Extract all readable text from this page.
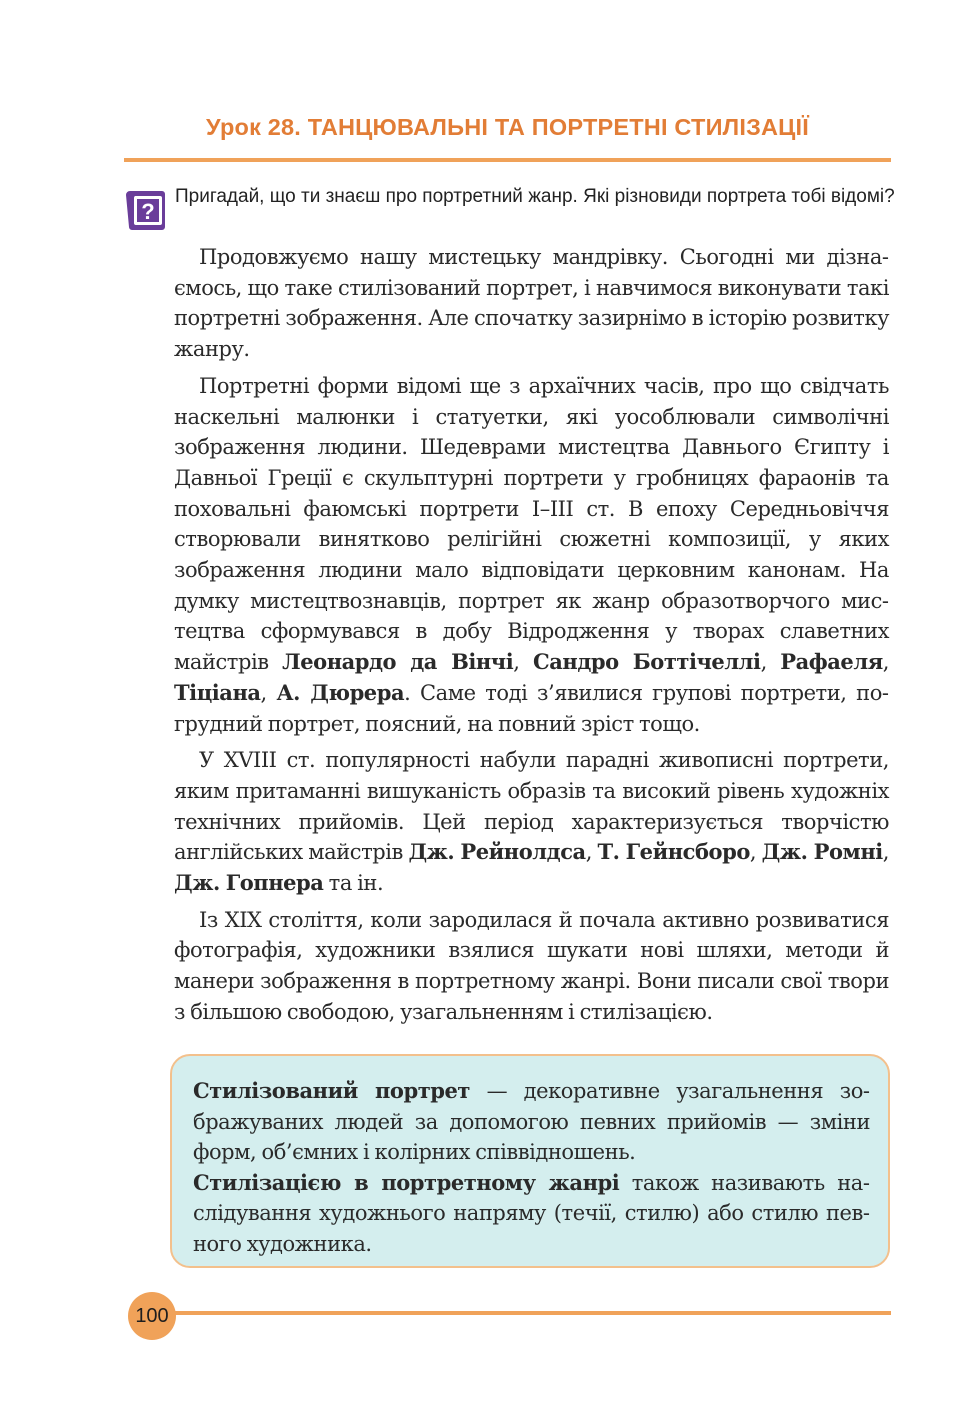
Урок 28. ТАНЦЮВАЛЬНІ ТА ПОРТРЕТНІ СТИЛІЗАЦІЇ
?
Пригадай, що ти знаєш про портретний жанр. Які різновиди портрета тобі відомі?

Продовжуємо нашу мистецьку мандрівку. Сьогодні ми дізнаємось, що таке стилізований портрет, і навчимося виконувати такі портретні зображення. Але спочатку зазирнімо в історію розвитку жанру.

Портретні форми відомі ще з архаїчних часів, про що свідчать наскельні малюнки і статуетки, які уособлювали символічні зображення людини. Шедеврами мистецтва Давнього Єгипту і Давньої Греції є скульптурні портрети у гробницях фараонів та поховальні фаюмські портрети І–ІІІ ст. В епоху Середньовіччя створювали винятково релігійні сюжетні композиції, у яких зображення людини мало відповідати церковним канонам. На думку мистецтвознавців, портрет як жанр образотворчого мистецтва сформувався в добу Відродження у творах славетних майстрів Леонардо да Вінчі, Сандро Боттічеллі, Рафаеля, Тіціана, А. Дюрера. Саме тоді з’явилися групові портрети, погрудний портрет, поясний, на повний зріст тощо.

У XVIII ст. популярності набули парадні живописні портрети, яким притаманні вишуканість образів та високий рівень художніх технічних прийомів. Цей період характеризується творчістю англійських майстрів Дж. Рейнолдса, Т. Гейнсборо, Дж. Ромні, Дж. Гопнера та ін.

Із XIX століття, коли зародилася й почала активно розвиватися фотографія, художники взялися шукати нові шляхи, методи й манери зображення в портретному жанрі. Вони писали свої твори з більшою свободою, узагальненням і стилізацією.

Стилізований портрет — декоративне узагальнення зображуваних людей за допомогою певних прийомів — зміни форм, об’ємних і колірних співвідношень.

Стилізацією в портретному жанрі також називають наслідування художнього напряму (течії, стилю) або стилю певного художника.

100
